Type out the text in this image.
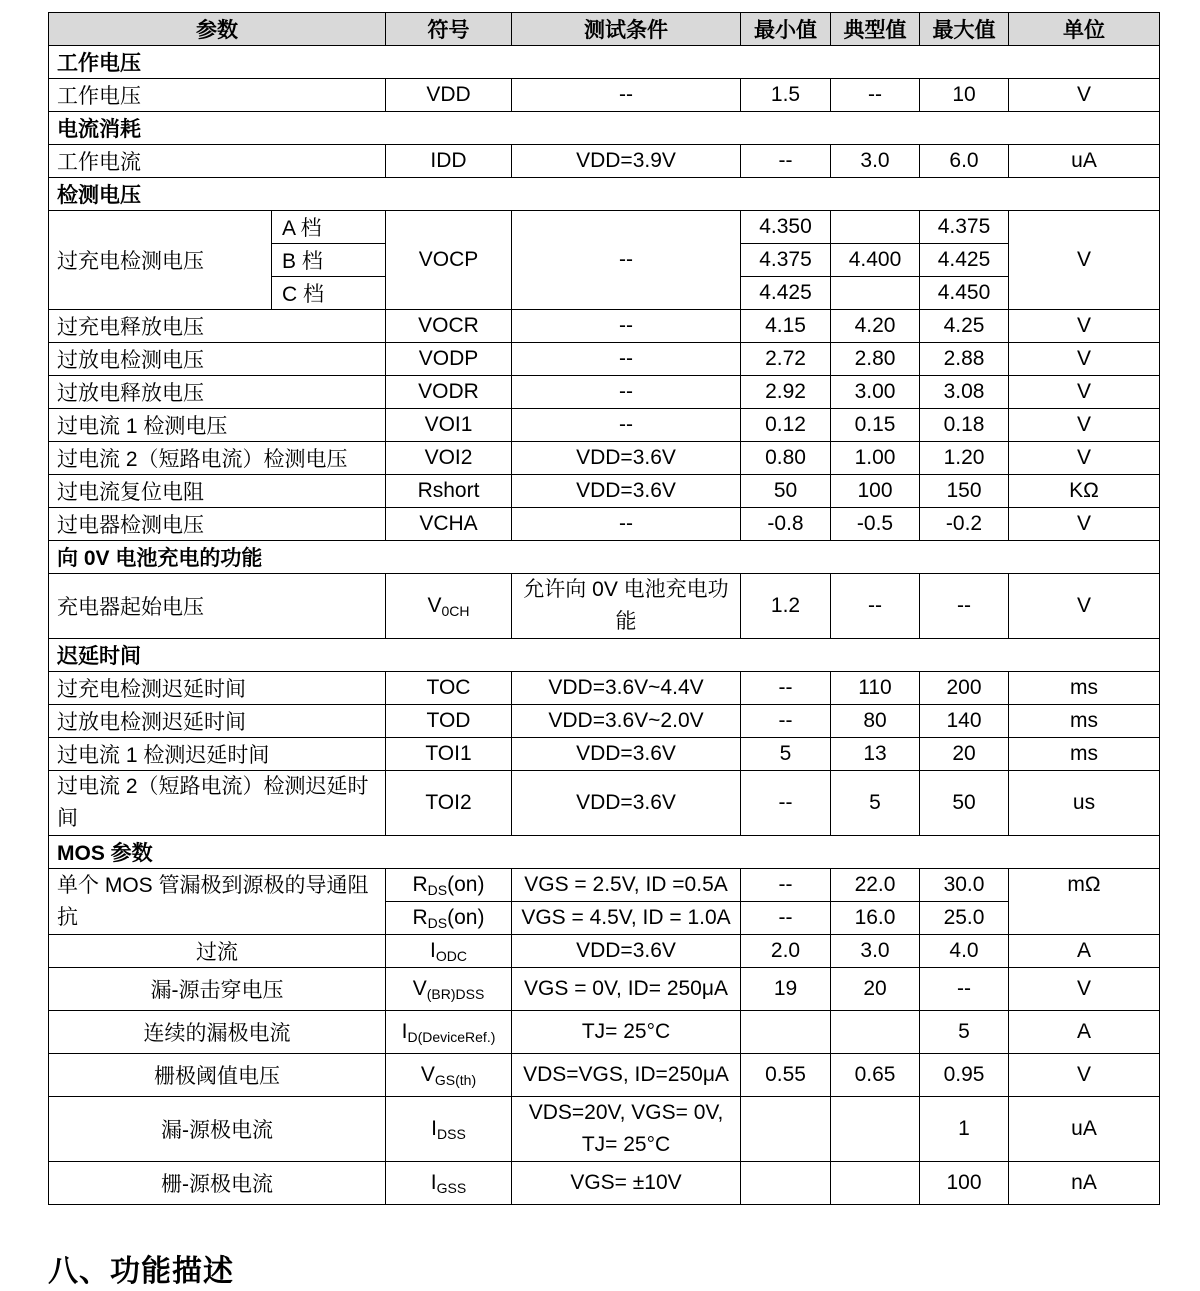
参数		符号	测试条件	最小值	典型值	最大值	单位
工作电压							
工作电压		VDD	--	1.5	--	10	V
电流消耗							
工作电流		IDD	VDD=3.9V	--	3.0	6.0	uA
检测电压							
过充电检测电压	A 档	VOCP	--	4.350		4.375	V
	B 档			4.375	4.400	4.425	
	C 档			4.425		4.450	
过充电释放电压		VOCR	--	4.15	4.20	4.25	V
过放电检测电压		VODP	--	2.72	2.80	2.88	V
过放电释放电压		VODR	--	2.92	3.00	3.08	V
过电流 1 检测电压		VOI1	--	0.12	0.15	0.18	V
过电流 2（短路电流）检测电压		VOI2	VDD=3.6V	0.80	1.00	1.20	V
过电流复位电阻		Rshort	VDD=3.6V	50	100	150	KΩ
过电器检测电压		VCHA	--	-0.8	-0.5	-0.2	V
向 0V 电池充电的功能							
充电器起始电压		$V_{0CH}$	允许向 0V 电池充电功能	1.2	--	--	V
迟延时间							
过充电检测迟延时间		TOC	VDD=3.6V~4.4V	--	110	200	ms
过放电检测迟延时间		TOD	VDD=3.6V~2.0V	--	80	140	ms
过电流 1 检测迟延时间		TOI1	VDD=3.6V	5	13	20	ms
过电流 2（短路电流）检测迟延时间		TOI2	VDD=3.6V	--	5	50	us
MOS 参数							
单个 MOS 管漏极到源极的导通阻抗		$R_{DS}(on)$	VGS = 2.5V, ID =0.5A	--	22.0	30.0	mΩ
		$R_{DS}(on)$	VGS = 4.5V, ID = 1.0A	--	16.0	25.0	
过流		$I_{ODC}$	VDD=3.6V	2.0	3.0	4.0	A
漏-源击穿电压		$V_{(BR)DSS}$	VGS = 0V, ID= 250μA	19	20	--	V
连续的漏极电流		$I_{D(DeviceRef.)}$	TJ= 25°C			5	A
栅极阈值电压		$V_{GS(th)}$	VDS=VGS, ID=250μA	0.55	0.65	0.95	V
漏-源极电流		$I_{DSS}$	VDS=20V, VGS= 0V, TJ= 25°C			1	uA
栅-源极电流		$I_{GSS}$	VGS= ±10V			100	nA
八、功能描述
